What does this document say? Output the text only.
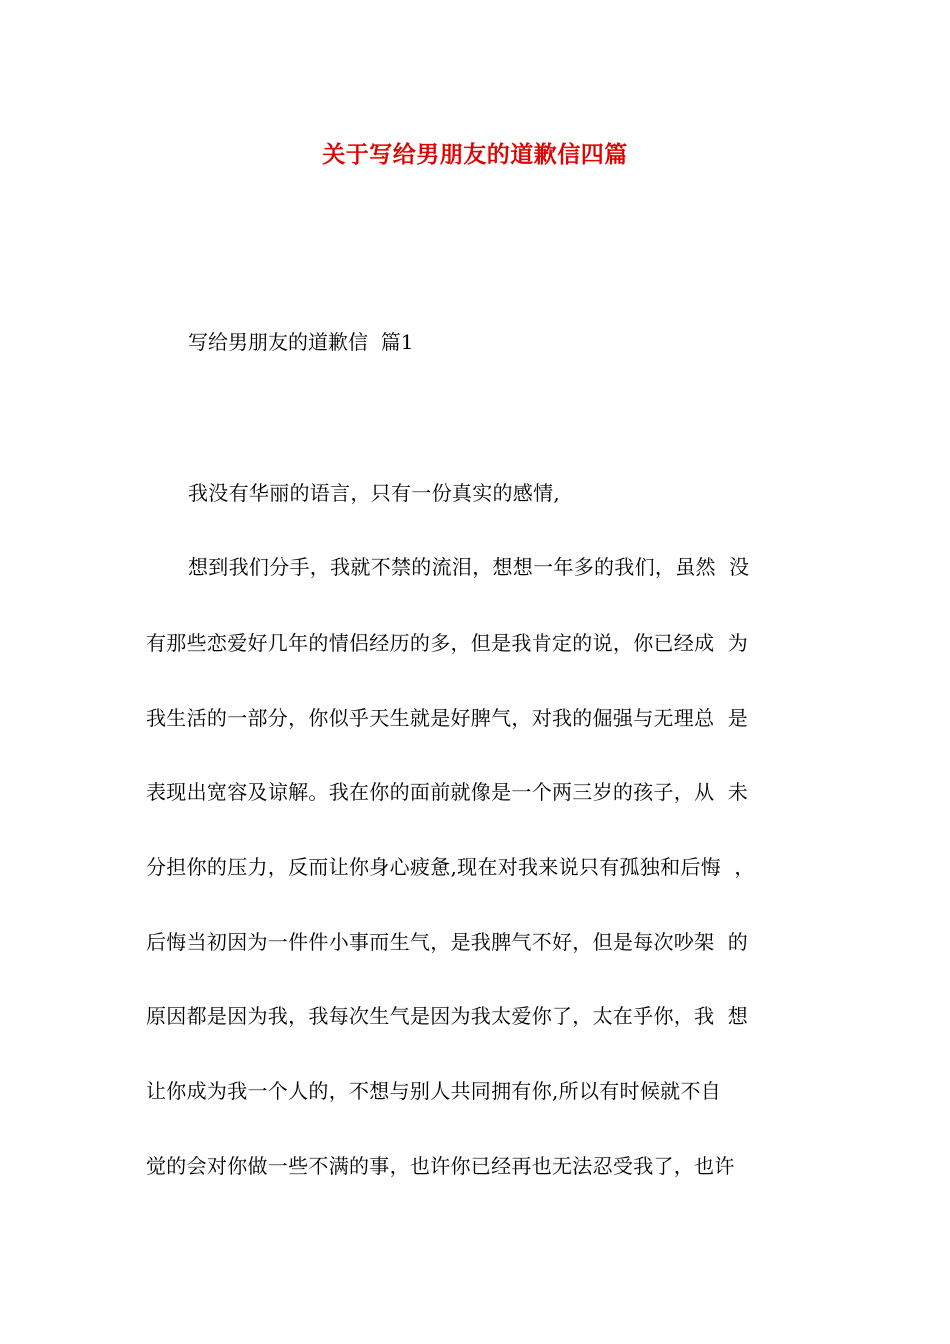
关于写给男朋友的道歉信四篇
写给男朋友的道歉信  篇1
我没有华丽的语言，只有一份真实的感情,
想到我们分手，我就不禁的流泪，想想一年多的我们，虽然  没
有那些恋爱好几年的情侣经历的多，但是我肯定的说，你已经成  为
我生活的一部分，你似乎天生就是好脾气，对我的倔强与无理总  是
表现出宽容及谅解。我在你的面前就像是一个两三岁的孩子，从  未
分担你的压力，反而让你身心疲惫,现在对我来说只有孤独和后悔  ，
后悔当初因为一件件小事而生气，是我脾气不好，但是每次吵架  的
原因都是因为我，我每次生气是因为我太爱你了，太在乎你，我  想
让你成为我一个人的，不想与别人共同拥有你,所以有时候就不自
觉的会对你做一些不满的事，也许你已经再也无法忍受我了，也许
